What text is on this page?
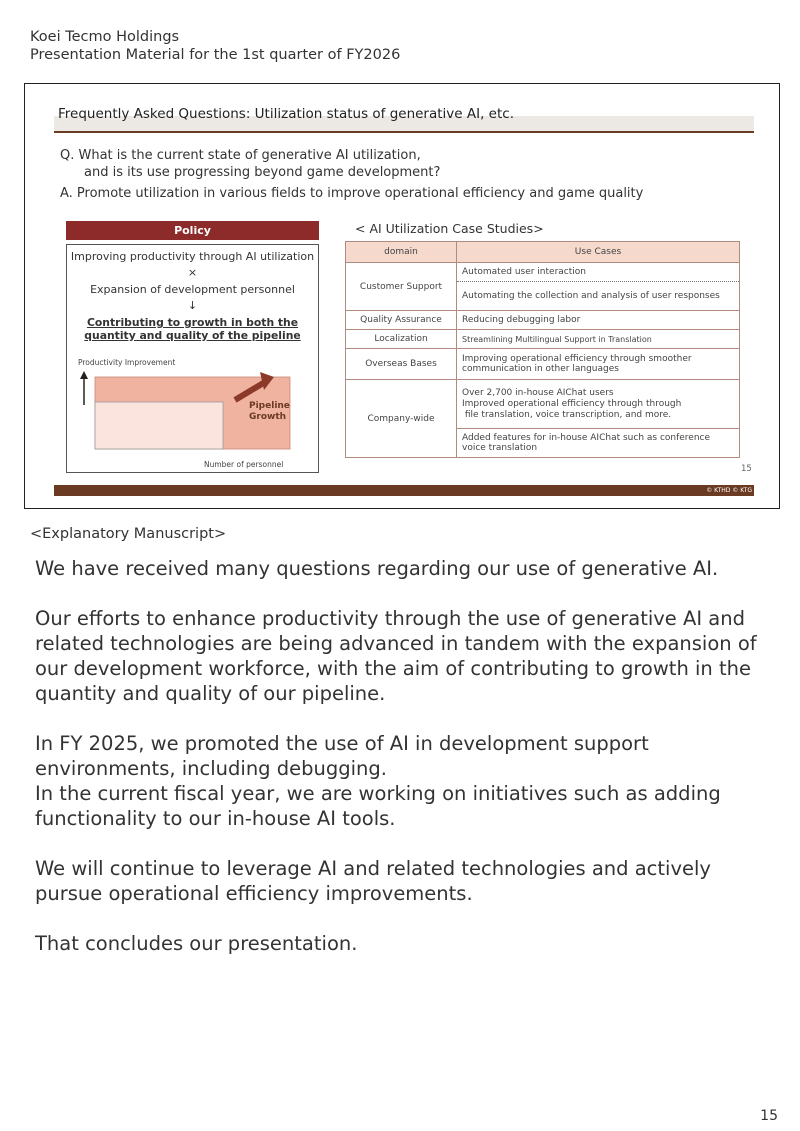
Koei Tecmo Holdings
Presentation Material for the 1st quarter of FY2026
Frequently Asked Questions: Utilization status of generative AI, etc.
Q. What is the current state of generative AI utilization,
and is its use progressing beyond game development?
A. Promote utilization in various fields to improve operational efficiency and game quality
Policy
Improving productivity through AI utilization
×
Expansion of development personnel
↓
Contributing to growth in both the
quantity and quality of the pipeline
Productivity Improvement
Pipeline
Growth
Number of personnel
< AI Utilization Case Studies>
domain	Use Cases
Customer Support	Automated user interaction
	Automating the collection and analysis of user responses
Quality Assurance	Reducing debugging labor
Localization	Streamlining Multilingual Support in Translation
Overseas Bases	Improving operational efficiency through smoother communication in other languages
Company-wide	Over 2,700 in-house AIChat users
Improved operational efficiency through through
file translation, voice transcription, and more.

	Added features for in-house AIChat such as conference voice translation
15
© KTHD © KTG
<Explanatory Manuscript>

We have received many questions regarding our use of generative AI.

Our efforts to enhance productivity through the use of generative AI and related technologies are being advanced in tandem with the expansion of our development workforce, with the aim of contributing to growth in the quantity and quality of our pipeline.

In FY 2025, we promoted the use of AI in development support environments, including debugging.
In the current fiscal year, we are working on initiatives such as adding functionality to our in-house AI tools.

We will continue to leverage AI and related technologies and actively pursue operational efficiency improvements.

That concludes our presentation.

15
